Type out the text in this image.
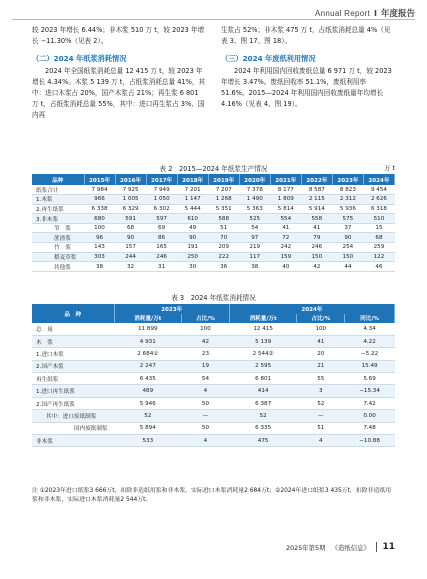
Annual Report I 年度报告

较 2023 年增长 6.44%；非木浆 510 万 t，较 2023 年增长 −11.30%（见表 2）。

（二）2024 年纸浆消耗情况

2024 年全国纸浆消耗总量 12 415 万 t，较 2023 年增长 4.34%。木浆 5 139 万 t，占纸浆消耗总量 41%，其中：进口木浆占 20%，国产木浆占 21%；再生浆 6 801 万 t，占纸浆消耗总量 55%，其中：进口再生浆占 3%、国内再

生浆占 52%；非木浆 475 万 t，占纸浆消耗总量 4%（见表 3、图 17、图 18）。

（三）2024 年废纸利用情况

2024 年利用国内回收废纸总量 6 971 万 t，较 2023 年增长 3.47%。废纸回收率 51.1%，废纸利用率 51.6%。2015—2024 年利用国内回收废纸量年均增长 4.16%（见表 4、图 19）。

表 2　2015—2024 年纸浆生产情况	万 t
品种	2015年	2016年	2017年	2018年	2019年	2020年	2021年	2022年	2023年	2024年
纸浆合计	7 984	7 925	7 949	7 201	7 207	7 378	8 177	8 587	8 823	9 454
1.木浆	966	1 005	1 050	1 147	1 268	1 490	1 809	2 115	2 312	2 626
2.再生纸浆	6 338	6 329	6 302	5 444	5 351	5 363	5 814	5 914	5 936	6 318
3.非木浆	680	591	597	610	588	525	554	558	575	510
苇　浆	100	68	69	49	51	54	41	41	37	15
蔗渣浆	96	90	86	90	70	97	72	79	90	68
竹　浆	143	157	165	191	209	219	242	246	254	259
稻麦草浆	303	244	246	250	222	117	159	150	150	122
其他浆	38	32	31	30	36	38	40	42	44	46
表 3　2024 年纸浆消耗情况
品　种	2023年		2024年		
	消耗量/万t	占比/%	消耗量/万t	占比/%	同比/%
总　量	11 899	100	12 415	100	4.34
木　浆	4 931	42	5 139	41	4.22
1.进口木浆	2 684①	23	2 544②	20	−5.22
2.国产木浆	2 247	19	2 595	21	15.49
再生纸浆	6 435	54	6 801	55	5.69
1.进口再生纸浆	489	4	414	3	−15.34
2.国产再生纸浆	5 946	50	6 387	52	7.42
其中：进口废纸制浆	52	—	52	—	0.00
国内废纸制浆	5 894	50	6 335	51	7.48
非木浆	533	4	475	4	−10.88
注 ①2023年进口纸浆3 666万t，扣除非造纸用浆和非木浆，实际进口木浆消耗量2 684万t；②2024年进口纸浆3 435万t，扣除非造纸用浆和非木浆，实际进口木浆消耗量2 544万t。
2025年第5期 《造纸信息》 11
